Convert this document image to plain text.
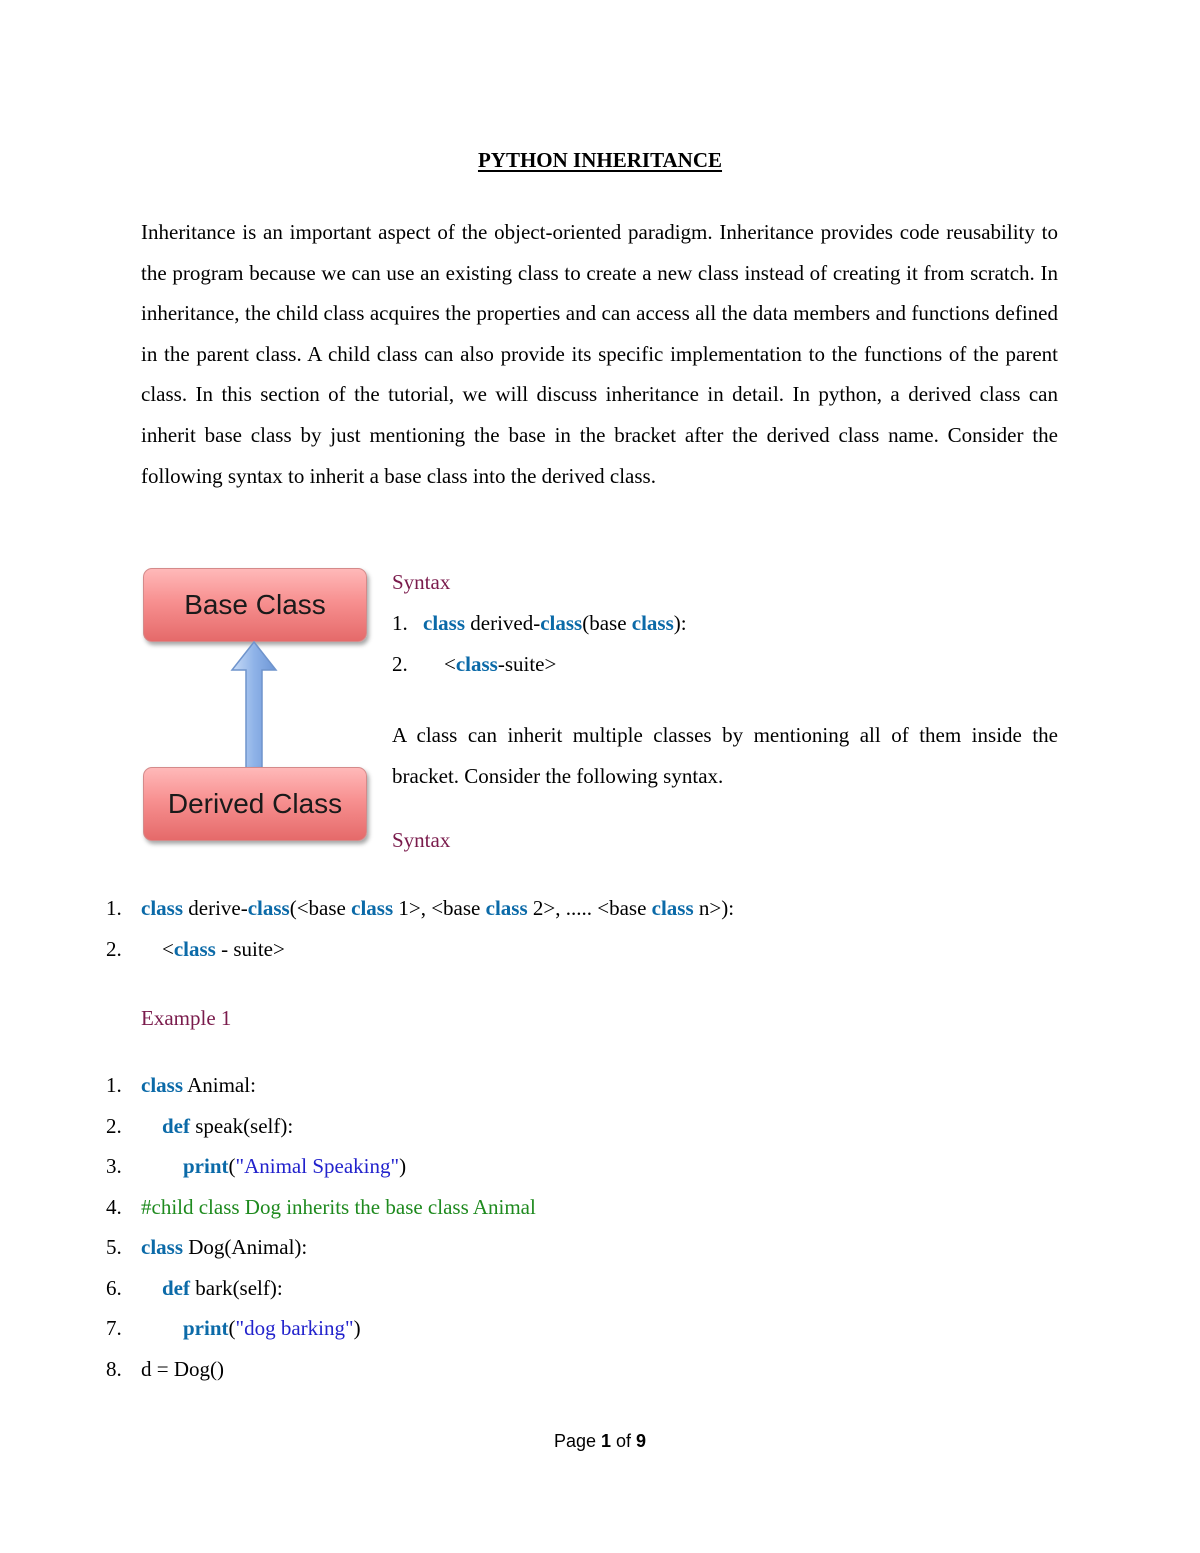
PYTHON INHERITANCE

Inheritance is an important aspect of the object-oriented paradigm. Inheritance provides code reusability to the program because we can use an existing class to create a new class instead of creating it from scratch. In inheritance, the child class acquires the properties and can access all the data members and functions defined in the parent class. A child class can also provide its specific implementation to the functions of the parent class. In this section of the tutorial, we will discuss inheritance in detail. In python, a derived class can inherit base class by just mentioning the base in the bracket after the derived class name. Consider the following syntax to inherit a base class into the derived class.

Base Class
Derived Class
Syntax
1. class derived-class(base class):
2. <class-suite>

A class can inherit multiple classes by mentioning all of them inside the bracket. Consider the following syntax.

Syntax
1. class derive-class(<base class 1>, <base class 2>, ..... <base class n>):
2. <class - suite>
Example 1
1. class Animal:
2.	def speak(self):
3.	print("Animal Speaking")
4. #child class Dog inherits the base class Animal
5. class Dog(Animal):
6.	def bark(self):
7.	print("dog barking")
8. d = Dog()
Page 1 of 9
